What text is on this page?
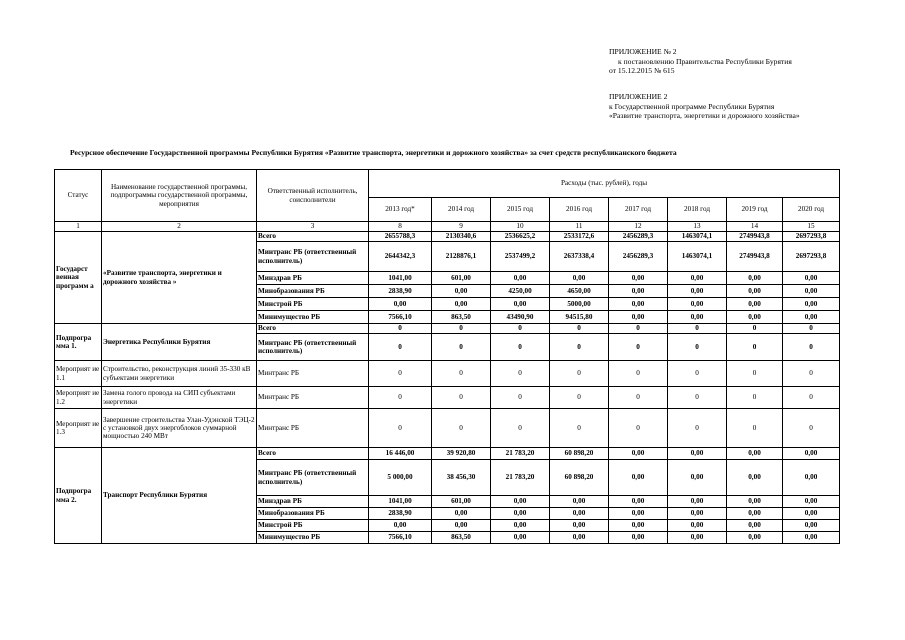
ПРИЛОЖЕНИЕ № 2
к постановлению Правительства Республики Бурятия
от 15.12.2015 № 615
ПРИЛОЖЕНИЕ 2
к Государственной программе Республики Бурятия
«Развитие транспорта, энергетики и дорожного хозяйства»
Ресурсное обеспечение Государственной программы Республики Бурятия «Развитие транспорта, энергетики и дорожного хозяйства» за счет средств республиканского бюджета
Статус	Наименование государственной программы, подпрограммы государственной программы, мероприятия	Ответственный исполнитель, соисполнители	Расходы (тыс. рублей), годы							
			2013 год*	2014 год	2015 год	2016 год	2017 год	2018 год	2019 год	2020 год
1	2	3	8	9	10	11	12	13	14	15
Государст венная программ а	«Развитие транспорта, энергетики и дорожного хозяйства »	Всего	2655788,3	2130340,6	2536625,2	2533172,6	2456289,3	1463074,1	2749943,8	2697293,8
		Минтранс РБ (ответственный исполнитель)	2644342,3	2128876,1	2537499,2	2637338,4	2456289,3	1463074,1	2749943,8	2697293,8
		Минздрав РБ	1041,00	601,00	0,00	0,00	0,00	0,00	0,00	0,00
		Минобразования РБ	2838,90	0,00	4250,00	4650,00	0,00	0,00	0,00	0,00
		Минстрой РБ	0,00	0,00	0,00	5000,00	0,00	0,00	0,00	0,00
		Минимущество РБ	7566,10	863,50	43490,90	94515,80	0,00	0,00	0,00	0,00
Подпрогра мма 1.	Энергетика Республики Бурятия	Всего	0	0	0	0	0	0	0	0
		Минтранс РБ (ответственный исполнитель)	0	0	0	0	0	0	0	0
Мероприят ие 1.1	Строительство, реконструкция линий 35-330 кВ субъектами энергетики	Минтранс РБ	0	0	0	0	0	0	0	0
Мероприят ие 1.2	Замена голого провода на СИП субъектами энергетики	Минтранс РБ	0	0	0	0	0	0	0	0
Мероприят ие 1.3	Завершение строительства Улан-Удэнской ТЭЦ-2 с установкой двух энергоблоков суммарной мощностью 240 МВт	Минтранс РБ	0	0	0	0	0	0	0	0
Подпрогра мма 2.	Транспорт Республики Бурятия	Всего	16 446,00	39 920,80	21 783,20	60 898,20	0,00	0,00	0,00	0,00
		Минтранс РБ (ответственный исполнитель)	5 000,00	38 456,30	21 783,20	60 898,20	0,00	0,00	0,00	0,00
		Минздрав РБ	1041,00	601,00	0,00	0,00	0,00	0,00	0,00	0,00
		Минобразования РБ	2838,90	0,00	0,00	0,00	0,00	0,00	0,00	0,00
		Минстрой РБ	0,00	0,00	0,00	0,00	0,00	0,00	0,00	0,00
		Минимущество РБ	7566,10	863,50	0,00	0,00	0,00	0,00	0,00	0,00
